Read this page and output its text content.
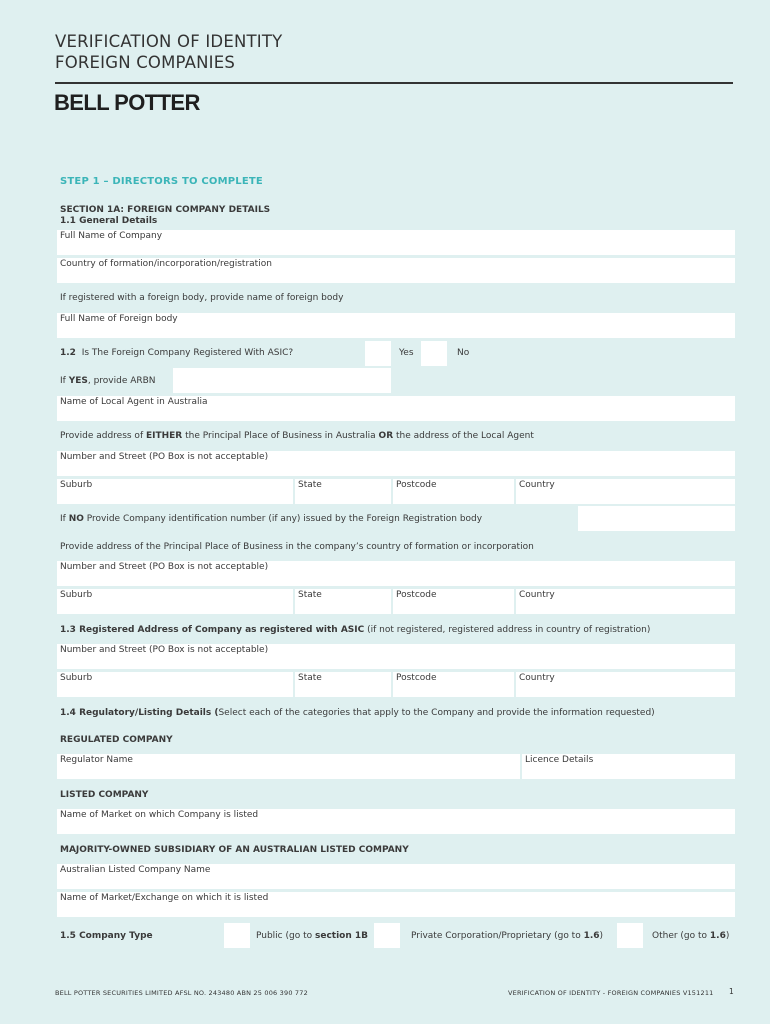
VERIFICATION OF IDENTITY
FOREIGN COMPANIES
BELL POTTER
STEP 1 – DIRECTORS TO COMPLETE
SECTION 1A: FOREIGN COMPANY DETAILS
1.1 General Details
Full Name of Company
Country of formation/incorporation/registration
If registered with a foreign body, provide name of foreign body
Full Name of Foreign body
1.2 Is The Foreign Company Registered With ASIC?	Yes	No
If YES, provide ARBN
Name of Local Agent in Australia
Provide address of EITHER the Principal Place of Business in Australia OR the address of the Local Agent
Number and Street (PO Box is not acceptable)
Suburb	State	Postcode	Country
If NO Provide Company identification number (if any) issued by the Foreign Registration body
Provide address of the Principal Place of Business in the company’s country of formation or incorporation
Number and Street (PO Box is not acceptable)
Suburb	State	Postcode	Country
1.3 Registered Address of Company as registered with ASIC (if not registered, registered address in country of registration)
Number and Street (PO Box is not acceptable)
Suburb	State	Postcode	Country
1.4 Regulatory/Listing Details (Select each of the categories that apply to the Company and provide the information requested)
REGULATED COMPANY
Regulator Name	Licence Details
LISTED COMPANY
Name of Market on which Company is listed
MAJORITY-OWNED SUBSIDIARY OF AN AUSTRALIAN LISTED COMPANY
Australian Listed Company Name
Name of Market/Exchange on which it is listed
1.5 Company Type	Public (go to section 1B	Private Corporation/Proprietary (go to 1.6)	Other (go to 1.6)
BELL POTTER SECURITIES LIMITED AFSL NO. 243480 ABN 25 006 390 772	VERIFICATION OF IDENTITY - FOREIGN COMPANIES V151211 1
